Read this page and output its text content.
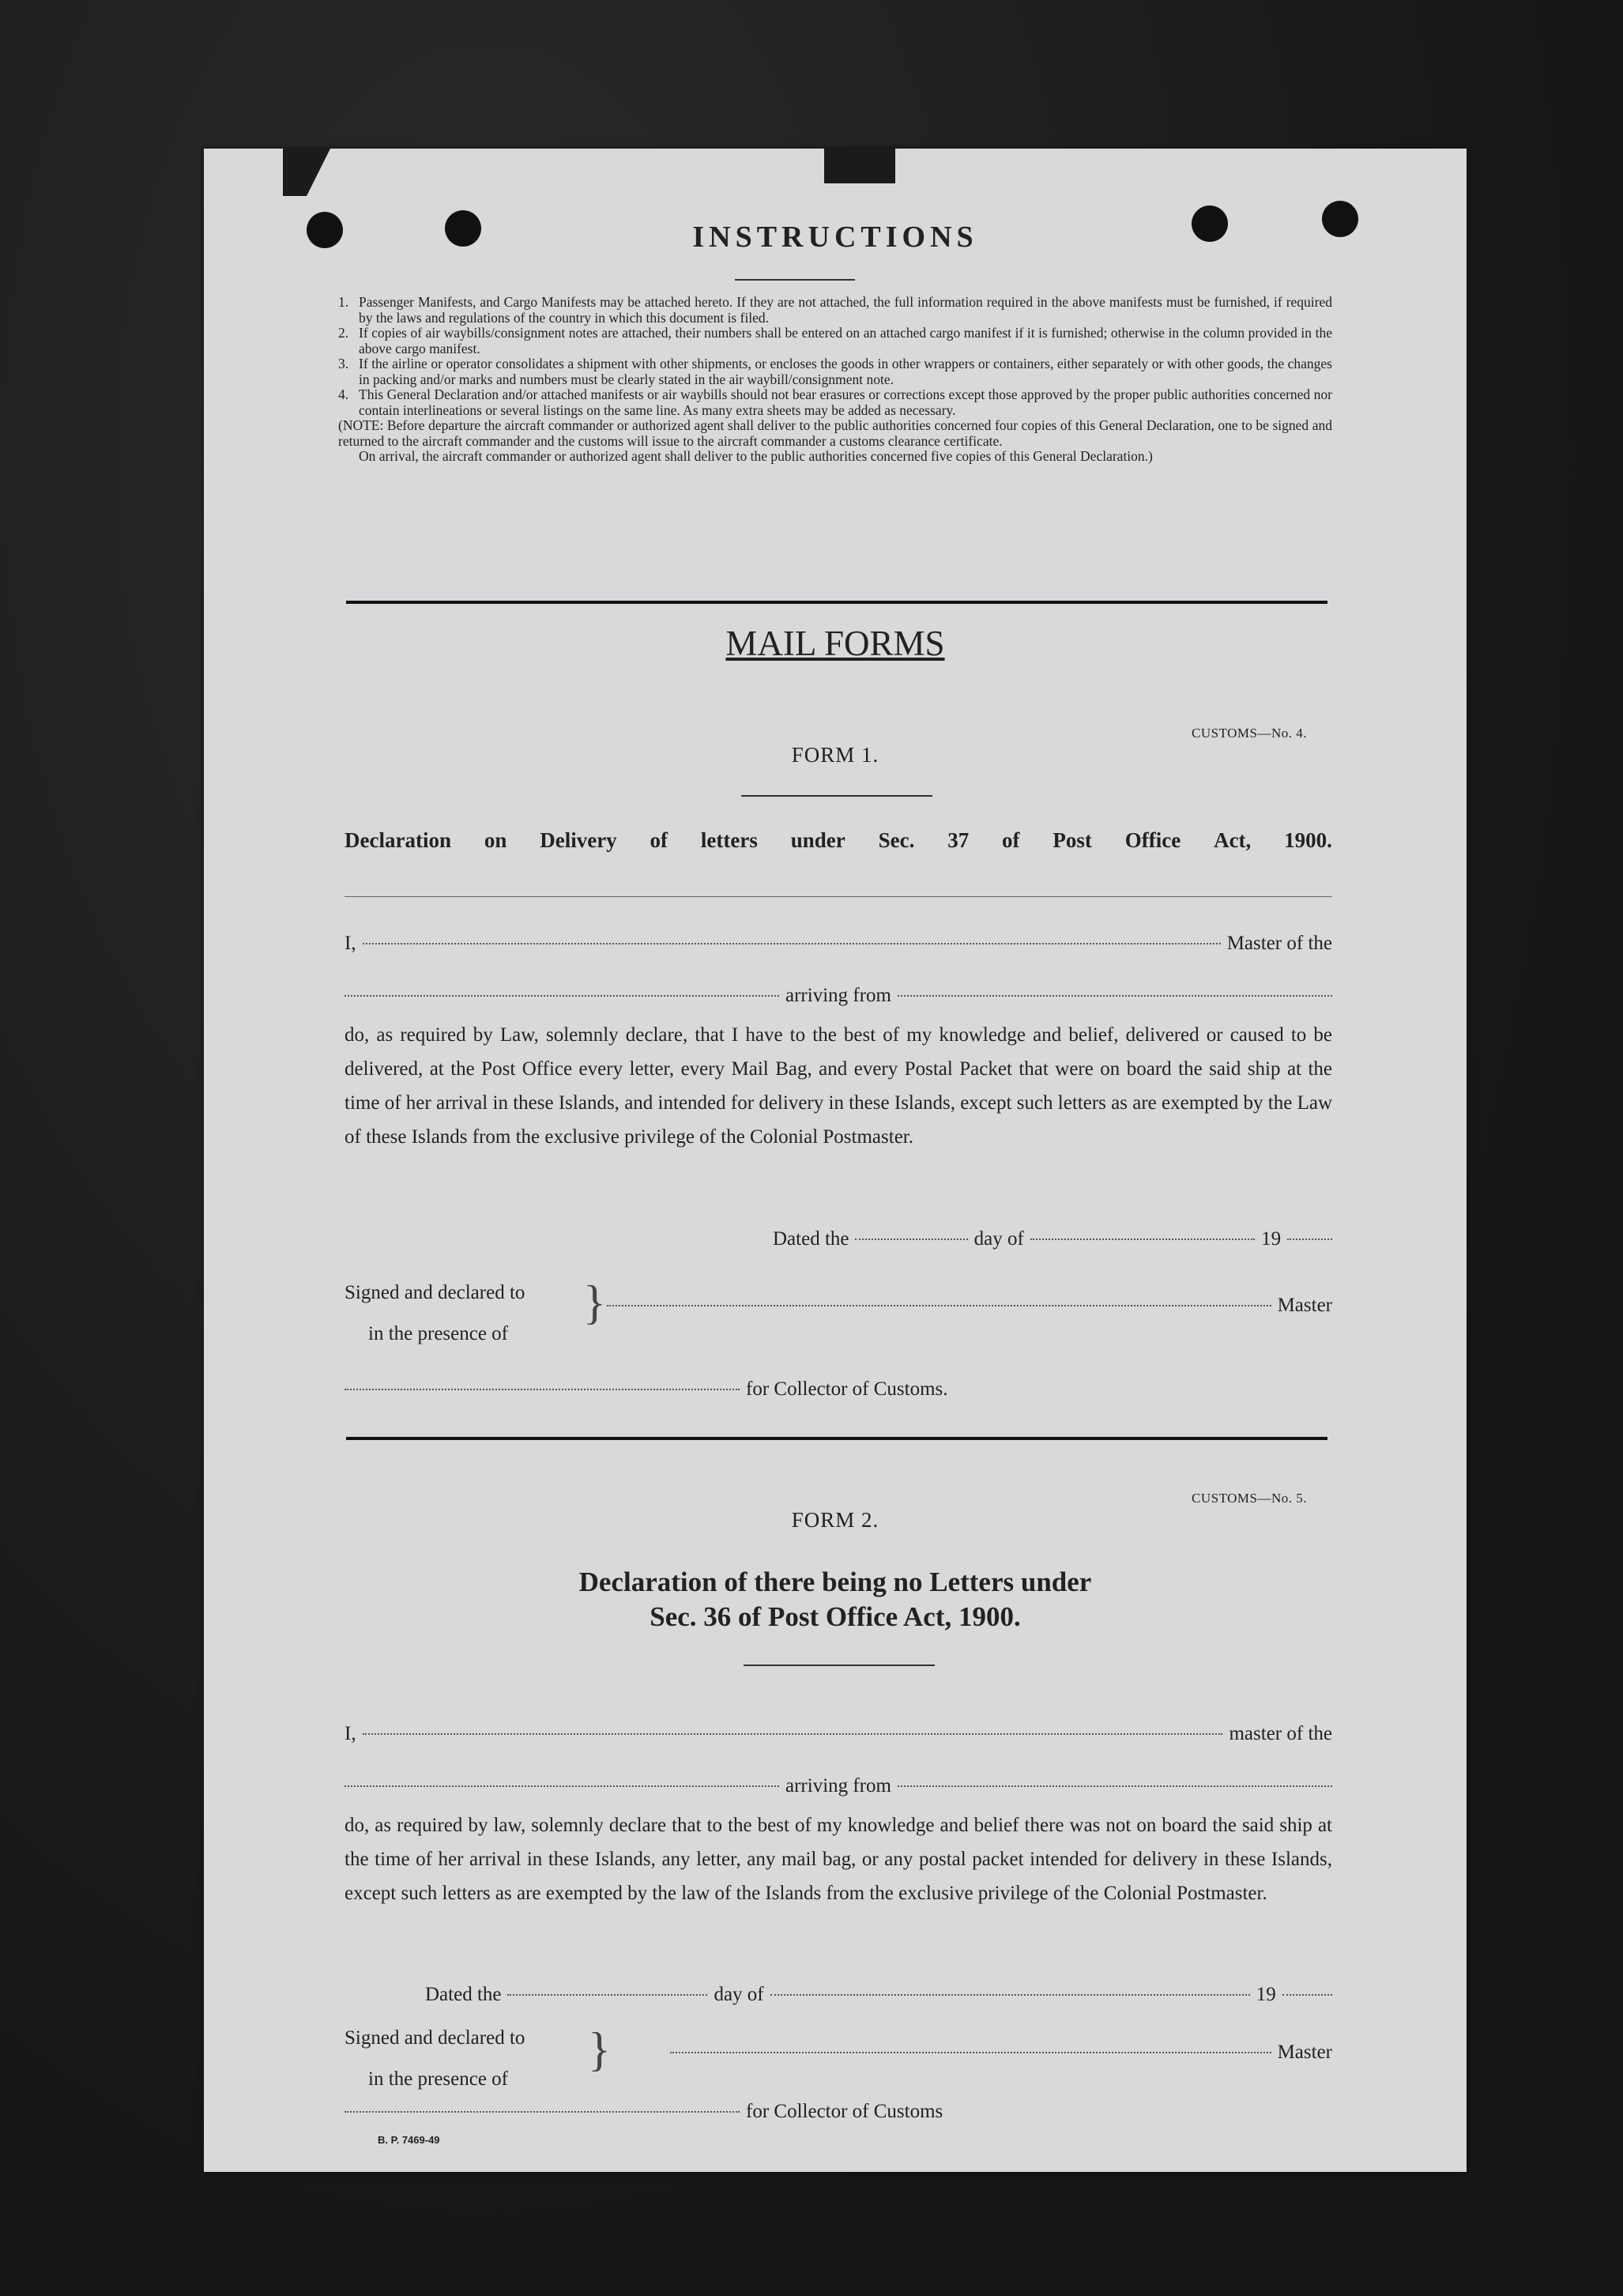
INSTRUCTIONS
1. Passenger Manifests, and Cargo Manifests may be attached hereto. If they are not attached, the full information required in the above manifests must be furnished, if required by the laws and regulations of the country in which this document is filed.
2. If copies of air waybills/consignment notes are attached, their numbers shall be entered on an attached cargo manifest if it is furnished; otherwise in the column provided in the above cargo manifest.
3. If the airline or operator consolidates a shipment with other shipments, or encloses the goods in other wrappers or containers, either separately or with other goods, the changes in packing and/or marks and numbers must be clearly stated in the air waybill/consignment note.
4. This General Declaration and/or attached manifests or air waybills should not bear erasures or corrections except those approved by the proper public authorities concerned nor contain interlineations or several listings on the same line. As many extra sheets may be added as necessary.
(NOTE: Before departure the aircraft commander or authorized agent shall deliver to the public authorities concerned four copies of this General Declaration, one to be signed and returned to the aircraft commander and the customs will issue to the aircraft commander a customs clearance certificate.
On arrival, the aircraft commander or authorized agent shall deliver to the public authorities concerned five copies of this General Declaration.)
MAIL FORMS
CUSTOMS—No. 4.
FORM 1.
Declaration on Delivery of letters under Sec. 37 of Post Office Act, 1900.
I,	Master of the
arriving from
do, as required by Law, solemnly declare, that I have to the best of my knowledge and belief, delivered or caused to be delivered, at the Post Office every letter, every Mail Bag, and every Postal Packet that were on board the said ship at the time of her arrival in these Islands, and intended for delivery in these Islands, except such letters as are exempted by the Law of these Islands from the exclusive privilege of the Colonial Postmaster.
Dated the	day of	19
Signed and declared to
in the presence of
}	Master
for Collector of Customs.
CUSTOMS—No. 5.
FORM 2.
Declaration of there being no Letters under
Sec. 36 of Post Office Act, 1900.
I,	master of the
arriving from
do, as required by law, solemnly declare that to the best of my knowledge and belief there was not on board the said ship at the time of her arrival in these Islands, any letter, any mail bag, or any postal packet intended for delivery in these Islands, except such letters as are exempted by the law of the Islands from the exclusive privilege of the Colonial Postmaster.
Dated the	day of	19
Signed and declared to
in the presence of
}	Master
for Collector of Customs
B. P. 7469-49
